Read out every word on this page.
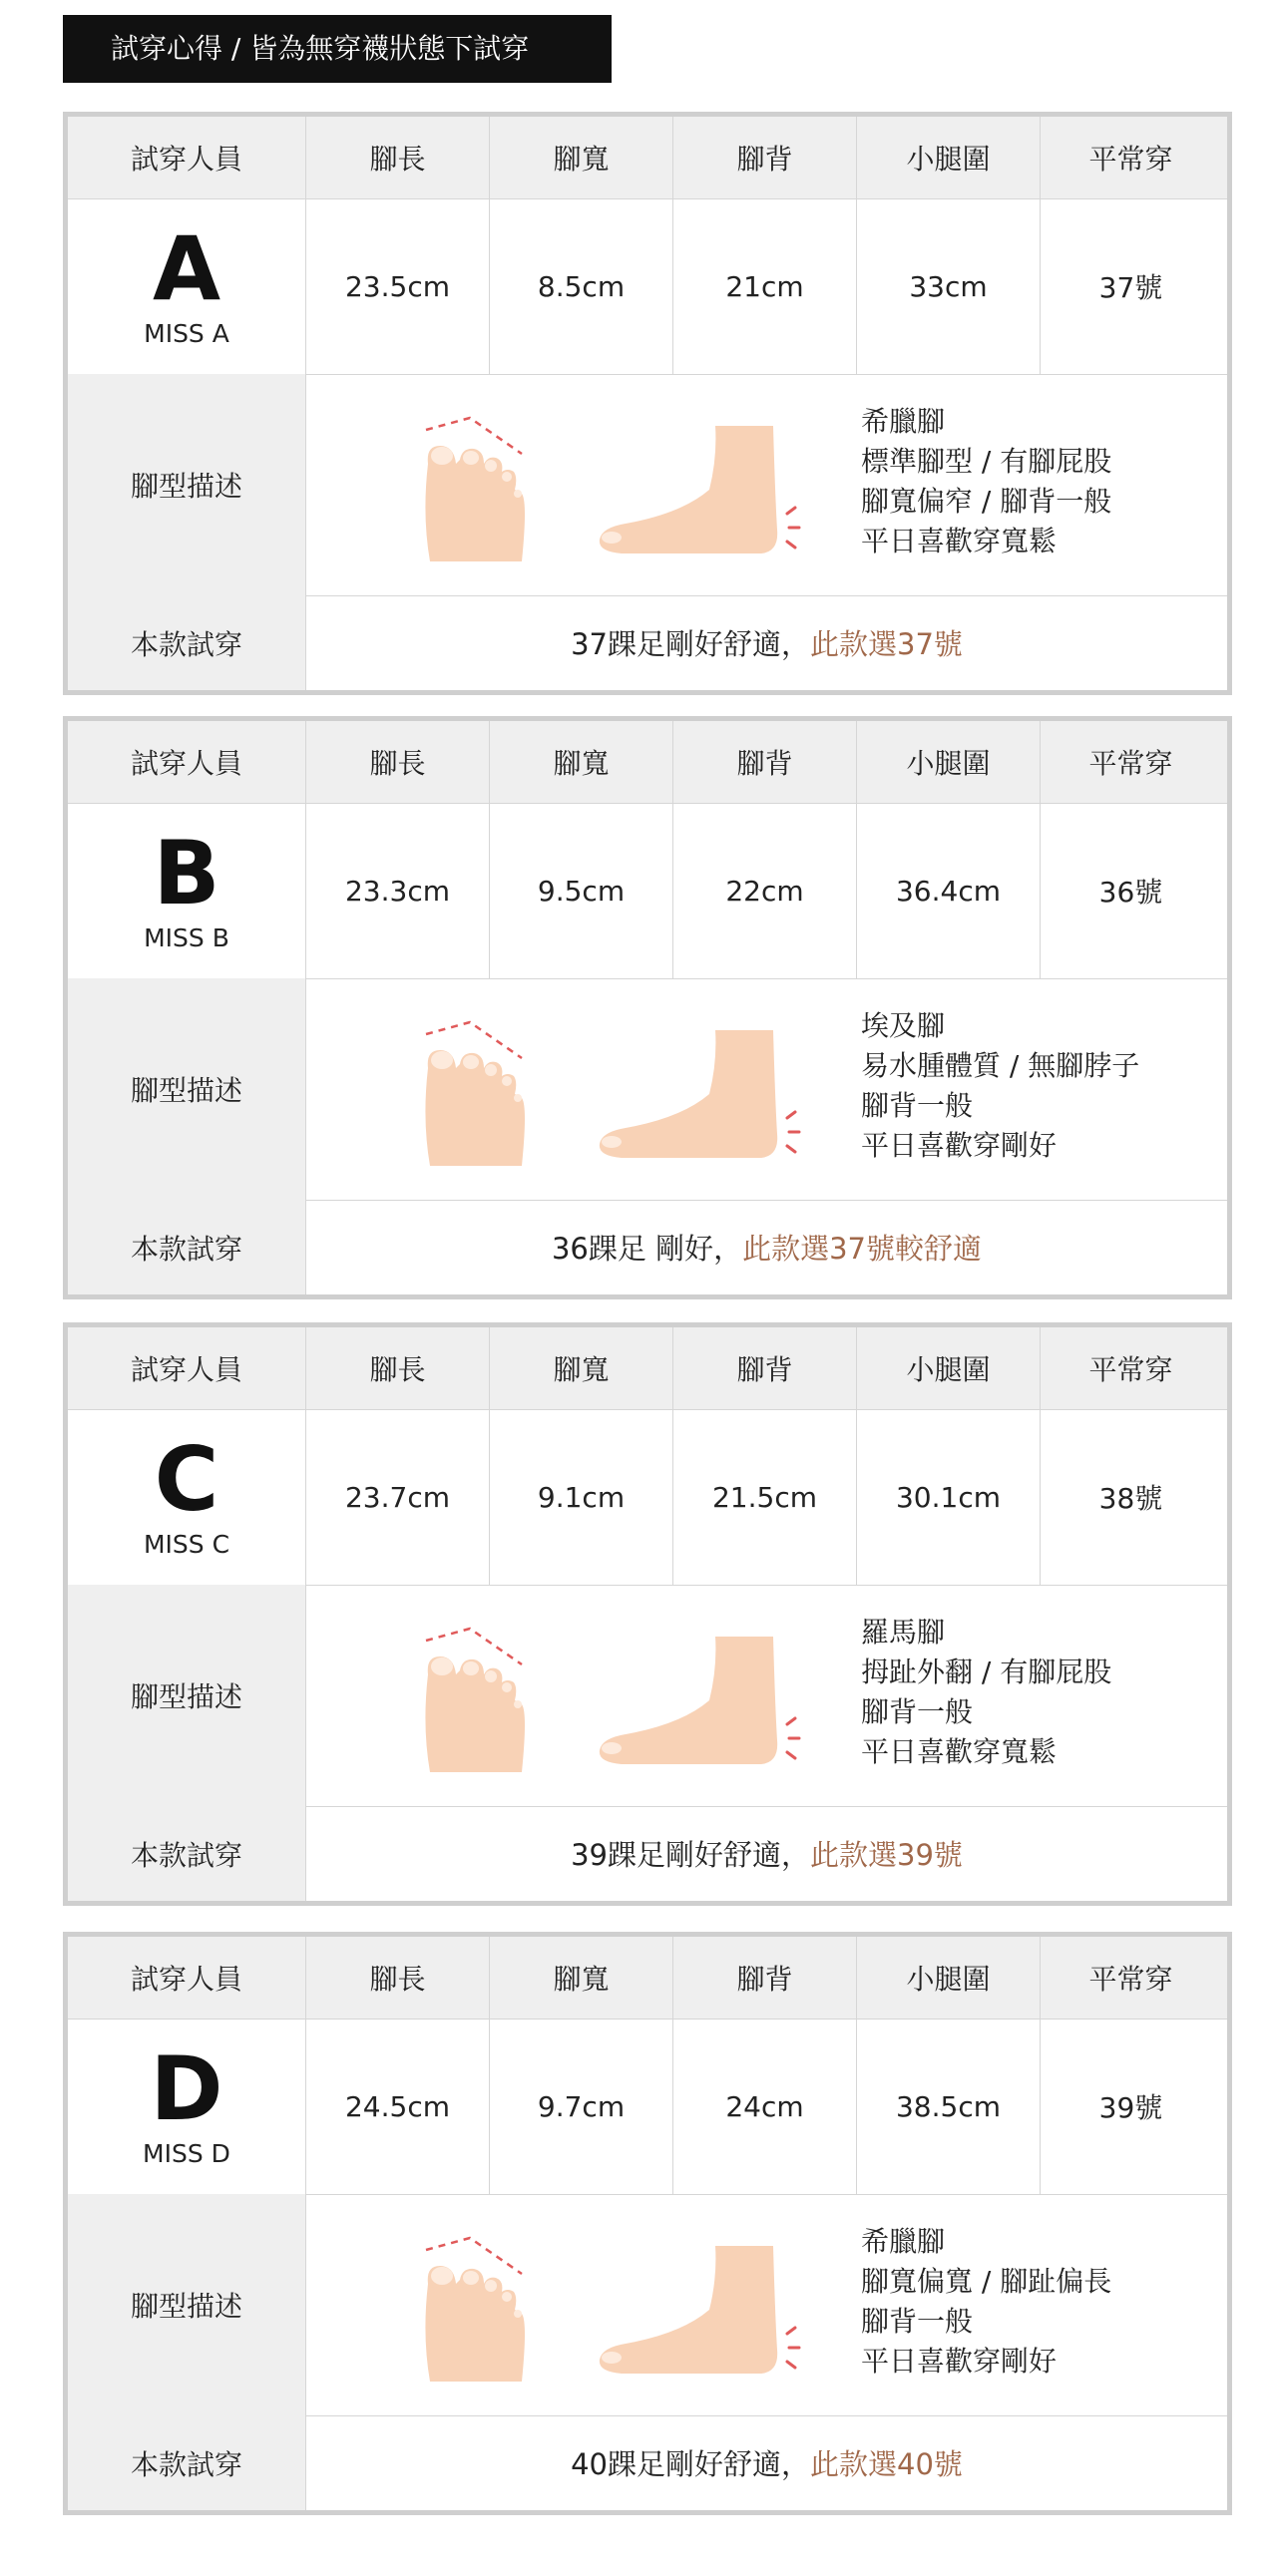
試穿心得 / 皆為無穿襪狀態下試穿
試穿人員	腳長	腳寬	腳背	小腿圍	平常穿
A
MISS A
23.5cm	8.5cm	21cm	33cm	37號
腳型描述
希臘腳
標準腳型 / 有腳屁股
腳寬偏窄 / 腳背一般
平日喜歡穿寬鬆
本款試穿	37踝足剛好舒適， 此款選37號
試穿人員	腳長	腳寬	腳背	小腿圍	平常穿
B
MISS B
23.3cm	9.5cm	22cm	36.4cm	36號
腳型描述
埃及腳
易水腫體質 / 無腳脖子
腳背一般
平日喜歡穿剛好
本款試穿	36踝足 剛好， 此款選37號較舒適
試穿人員	腳長	腳寬	腳背	小腿圍	平常穿
C
MISS C
23.7cm	9.1cm	21.5cm	30.1cm	38號
腳型描述
羅馬腳
拇趾外翻 / 有腳屁股
腳背一般
平日喜歡穿寬鬆
本款試穿	39踝足剛好舒適， 此款選39號
試穿人員	腳長	腳寬	腳背	小腿圍	平常穿
D
MISS D
24.5cm	9.7cm	24cm	38.5cm	39號
腳型描述
希臘腳
腳寬偏寬 / 腳趾偏長
腳背一般
平日喜歡穿剛好
本款試穿	40踝足剛好舒適， 此款選40號
